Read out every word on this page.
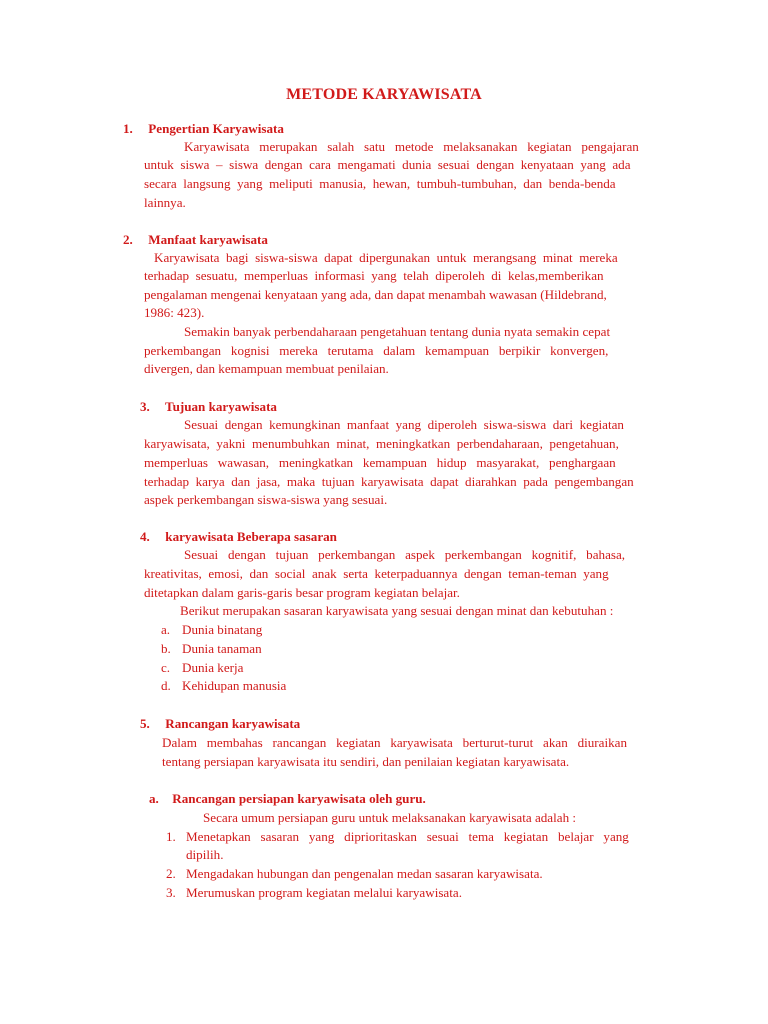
METODE KARYAWISATA
1. Pengertian Karyawisata
Karyawisata   merupakan   salah   satu   metode   melaksanakan   kegiatan   pengajaran
untuk  siswa  –  siswa  dengan  cara  mengamati  dunia  sesuai  dengan  kenyataan  yang  ada
secara  langsung  yang  meliputi  manusia,  hewan,  tumbuh-tumbuhan,  dan  benda-benda
lainnya.
2. Manfaat karyawisata
Karyawisata  bagi  siswa-siswa  dapat  dipergunakan  untuk  merangsang  minat  mereka
terhadap  sesuatu,  memperluas  informasi  yang  telah  diperoleh  di  kelas,memberikan
pengalaman mengenai kenyataan yang ada, dan dapat menambah wawasan (Hildebrand,
1986: 423).
Semakin banyak perbendaharaan pengetahuan tentang dunia nyata semakin cepat
perkembangan   kognisi   mereka   terutama   dalam   kemampuan   berpikir   konvergen,
divergen, dan kemampuan membuat penilaian.
3. Tujuan karyawisata
Sesuai  dengan  kemungkinan  manfaat  yang  diperoleh  siswa-siswa  dari  kegiatan
karyawisata,  yakni  menumbuhkan  minat,  meningkatkan  perbendaharaan,  pengetahuan,
memperluas   wawasan,   meningkatkan   kemampuan   hidup   masyarakat,   penghargaan
terhadap  karya  dan  jasa,  maka  tujuan  karyawisata  dapat  diarahkan  pada  pengembangan
aspek perkembangan siswa-siswa yang sesuai.
4. karyawisata Beberapa sasaran
Sesuai   dengan   tujuan   perkembangan   aspek   perkembangan   kognitif,   bahasa,
kreativitas,  emosi,  dan  social  anak  serta  keterpaduannya  dengan  teman-teman  yang
ditetapkan dalam garis-garis besar program kegiatan belajar.
Berikut merupakan sasaran karyawisata yang sesuai dengan minat dan kebutuhan :
a. Dunia binatang
b. Dunia tanaman
c. Dunia kerja
d. Kehidupan manusia
5. Rancangan karyawisata
Dalam   membahas   rancangan   kegiatan   karyawisata   berturut-turut   akan   diuraikan
tentang persiapan karyawisata itu sendiri, dan penilaian kegiatan karyawisata.
a. Rancangan persiapan karyawisata oleh guru.
Secara umum persiapan guru untuk melaksanakan karyawisata adalah :
1. Menetapkan   sasaran   yang   diprioritaskan   sesuai   tema   kegiatan   belajar   yang
dipilih.
2. Mengadakan hubungan dan pengenalan medan sasaran karyawisata.
3. Merumuskan program kegiatan melalui karyawisata.
